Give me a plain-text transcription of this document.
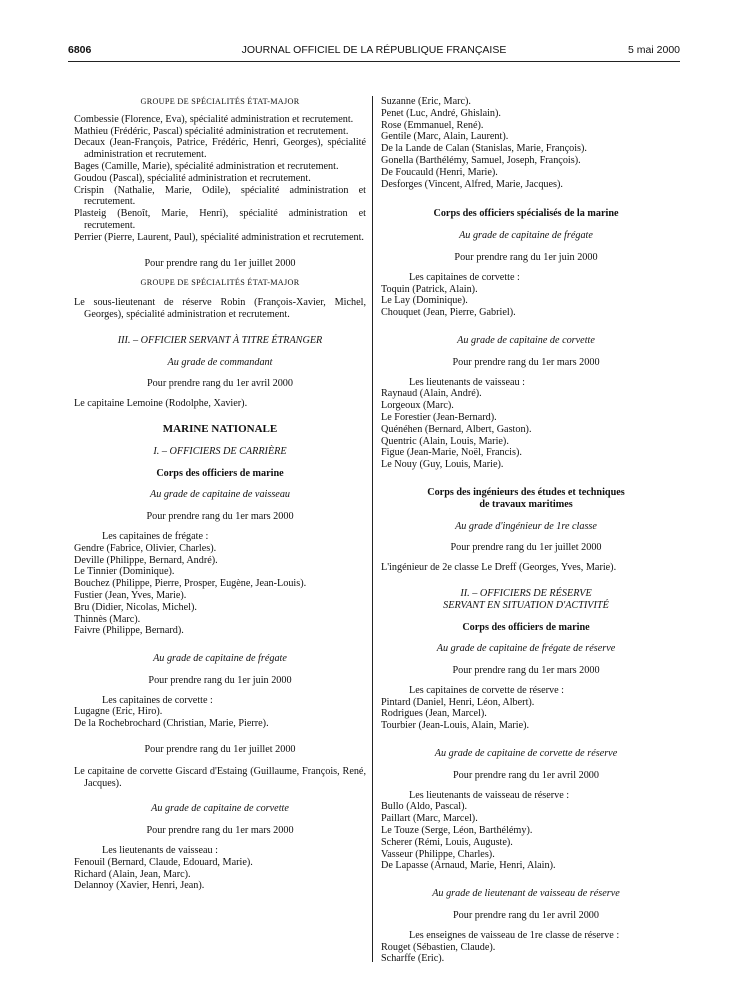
6806	JOURNAL OFFICIEL DE LA RÉPUBLIQUE FRANÇAISE	5 mai 2000

GROUPE DE SPÉCIALITÉS ÉTAT-MAJOR

Combessie (Florence, Eva), spécialité administration et recrutement.

Mathieu (Frédéric, Pascal) spécialité administration et recrutement.

Decaux (Jean-François, Patrice, Frédéric, Henri, Georges), spécialité administration et recrutement.

Bages (Camille, Marie), spécialité administration et recrutement.

Goudou (Pascal), spécialité administration et recrutement.

Crispin (Nathalie, Marie, Odile), spécialité administration et recrutement.

Plasteig (Benoît, Marie, Henri), spécialité administration et recrutement.

Perrier (Pierre, Laurent, Paul), spécialité administration et recrutement.

Pour prendre rang du 1er juillet 2000

GROUPE DE SPÉCIALITÉS ÉTAT-MAJOR

Le sous-lieutenant de réserve Robin (François-Xavier, Michel, Georges), spécialité administration et recrutement.

III. – OFFICIER SERVANT À TITRE ÉTRANGER

Au grade de commandant

Pour prendre rang du 1er avril 2000

Le capitaine Lemoine (Rodolphe, Xavier).

MARINE NATIONALE

I. – OFFICIERS DE CARRIÈRE

Corps des officiers de marine

Au grade de capitaine de vaisseau

Pour prendre rang du 1er mars 2000

Les capitaines de frégate :

Gendre (Fabrice, Olivier, Charles).

Deville (Philippe, Bernard, André).

Le Tinnier (Dominique).

Bouchez (Philippe, Pierre, Prosper, Eugène, Jean-Louis).

Fustier (Jean, Yves, Marie).

Bru (Didier, Nicolas, Michel).

Thinnès (Marc).

Faivre (Philippe, Bernard).

Au grade de capitaine de frégate

Pour prendre rang du 1er juin 2000

Les capitaines de corvette :

Lugagne (Eric, Hiro).

De la Rochebrochard (Christian, Marie, Pierre).

Pour prendre rang du 1er juillet 2000

Le capitaine de corvette Giscard d'Estaing (Guillaume, François, René, Jacques).

Au grade de capitaine de corvette

Pour prendre rang du 1er mars 2000

Les lieutenants de vaisseau :

Fenouil (Bernard, Claude, Edouard, Marie).

Richard (Alain, Jean, Marc).

Delannoy (Xavier, Henri, Jean).

Suzanne (Eric, Marc).

Penet (Luc, André, Ghislain).

Rose (Emmanuel, René).

Gentile (Marc, Alain, Laurent).

De la Lande de Calan (Stanislas, Marie, François).

Gonella (Barthélémy, Samuel, Joseph, François).

De Foucauld (Henri, Marie).

Desforges (Vincent, Alfred, Marie, Jacques).

Corps des officiers spécialisés de la marine

Au grade de capitaine de frégate

Pour prendre rang du 1er juin 2000

Les capitaines de corvette :

Toquin (Patrick, Alain).

Le Lay (Dominique).

Chouquet (Jean, Pierre, Gabriel).

Au grade de capitaine de corvette

Pour prendre rang du 1er mars 2000

Les lieutenants de vaisseau :

Raynaud (Alain, André).

Lorgeoux (Marc).

Le Forestier (Jean-Bernard).

Quénéhen (Bernard, Albert, Gaston).

Quentric (Alain, Louis, Marie).

Figue (Jean-Marie, Noël, Francis).

Le Nouy (Guy, Louis, Marie).

Corps des ingénieurs des études et techniques

de travaux maritimes

Au grade d'ingénieur de 1re classe

Pour prendre rang du 1er juillet 2000

L'ingénieur de 2e classe Le Dreff (Georges, Yves, Marie).

II. – OFFICIERS DE RÉSERVE

SERVANT EN SITUATION D'ACTIVITÉ

Corps des officiers de marine

Au grade de capitaine de frégate de réserve

Pour prendre rang du 1er mars 2000

Les capitaines de corvette de réserve :

Pintard (Daniel, Henri, Léon, Albert).

Rodrigues (Jean, Marcel).

Tourbier (Jean-Louis, Alain, Marie).

Au grade de capitaine de corvette de réserve

Pour prendre rang du 1er avril 2000

Les lieutenants de vaisseau de réserve :

Bullo (Aldo, Pascal).

Paillart (Marc, Marcel).

Le Touze (Serge, Léon, Barthélémy).

Scherer (Rémi, Louis, Auguste).

Vasseur (Philippe, Charles).

De Lapasse (Arnaud, Marie, Henri, Alain).

Au grade de lieutenant de vaisseau de réserve

Pour prendre rang du 1er avril 2000

Les enseignes de vaisseau de 1re classe de réserve :

Rouget (Sébastien, Claude).

Scharffe (Eric).
